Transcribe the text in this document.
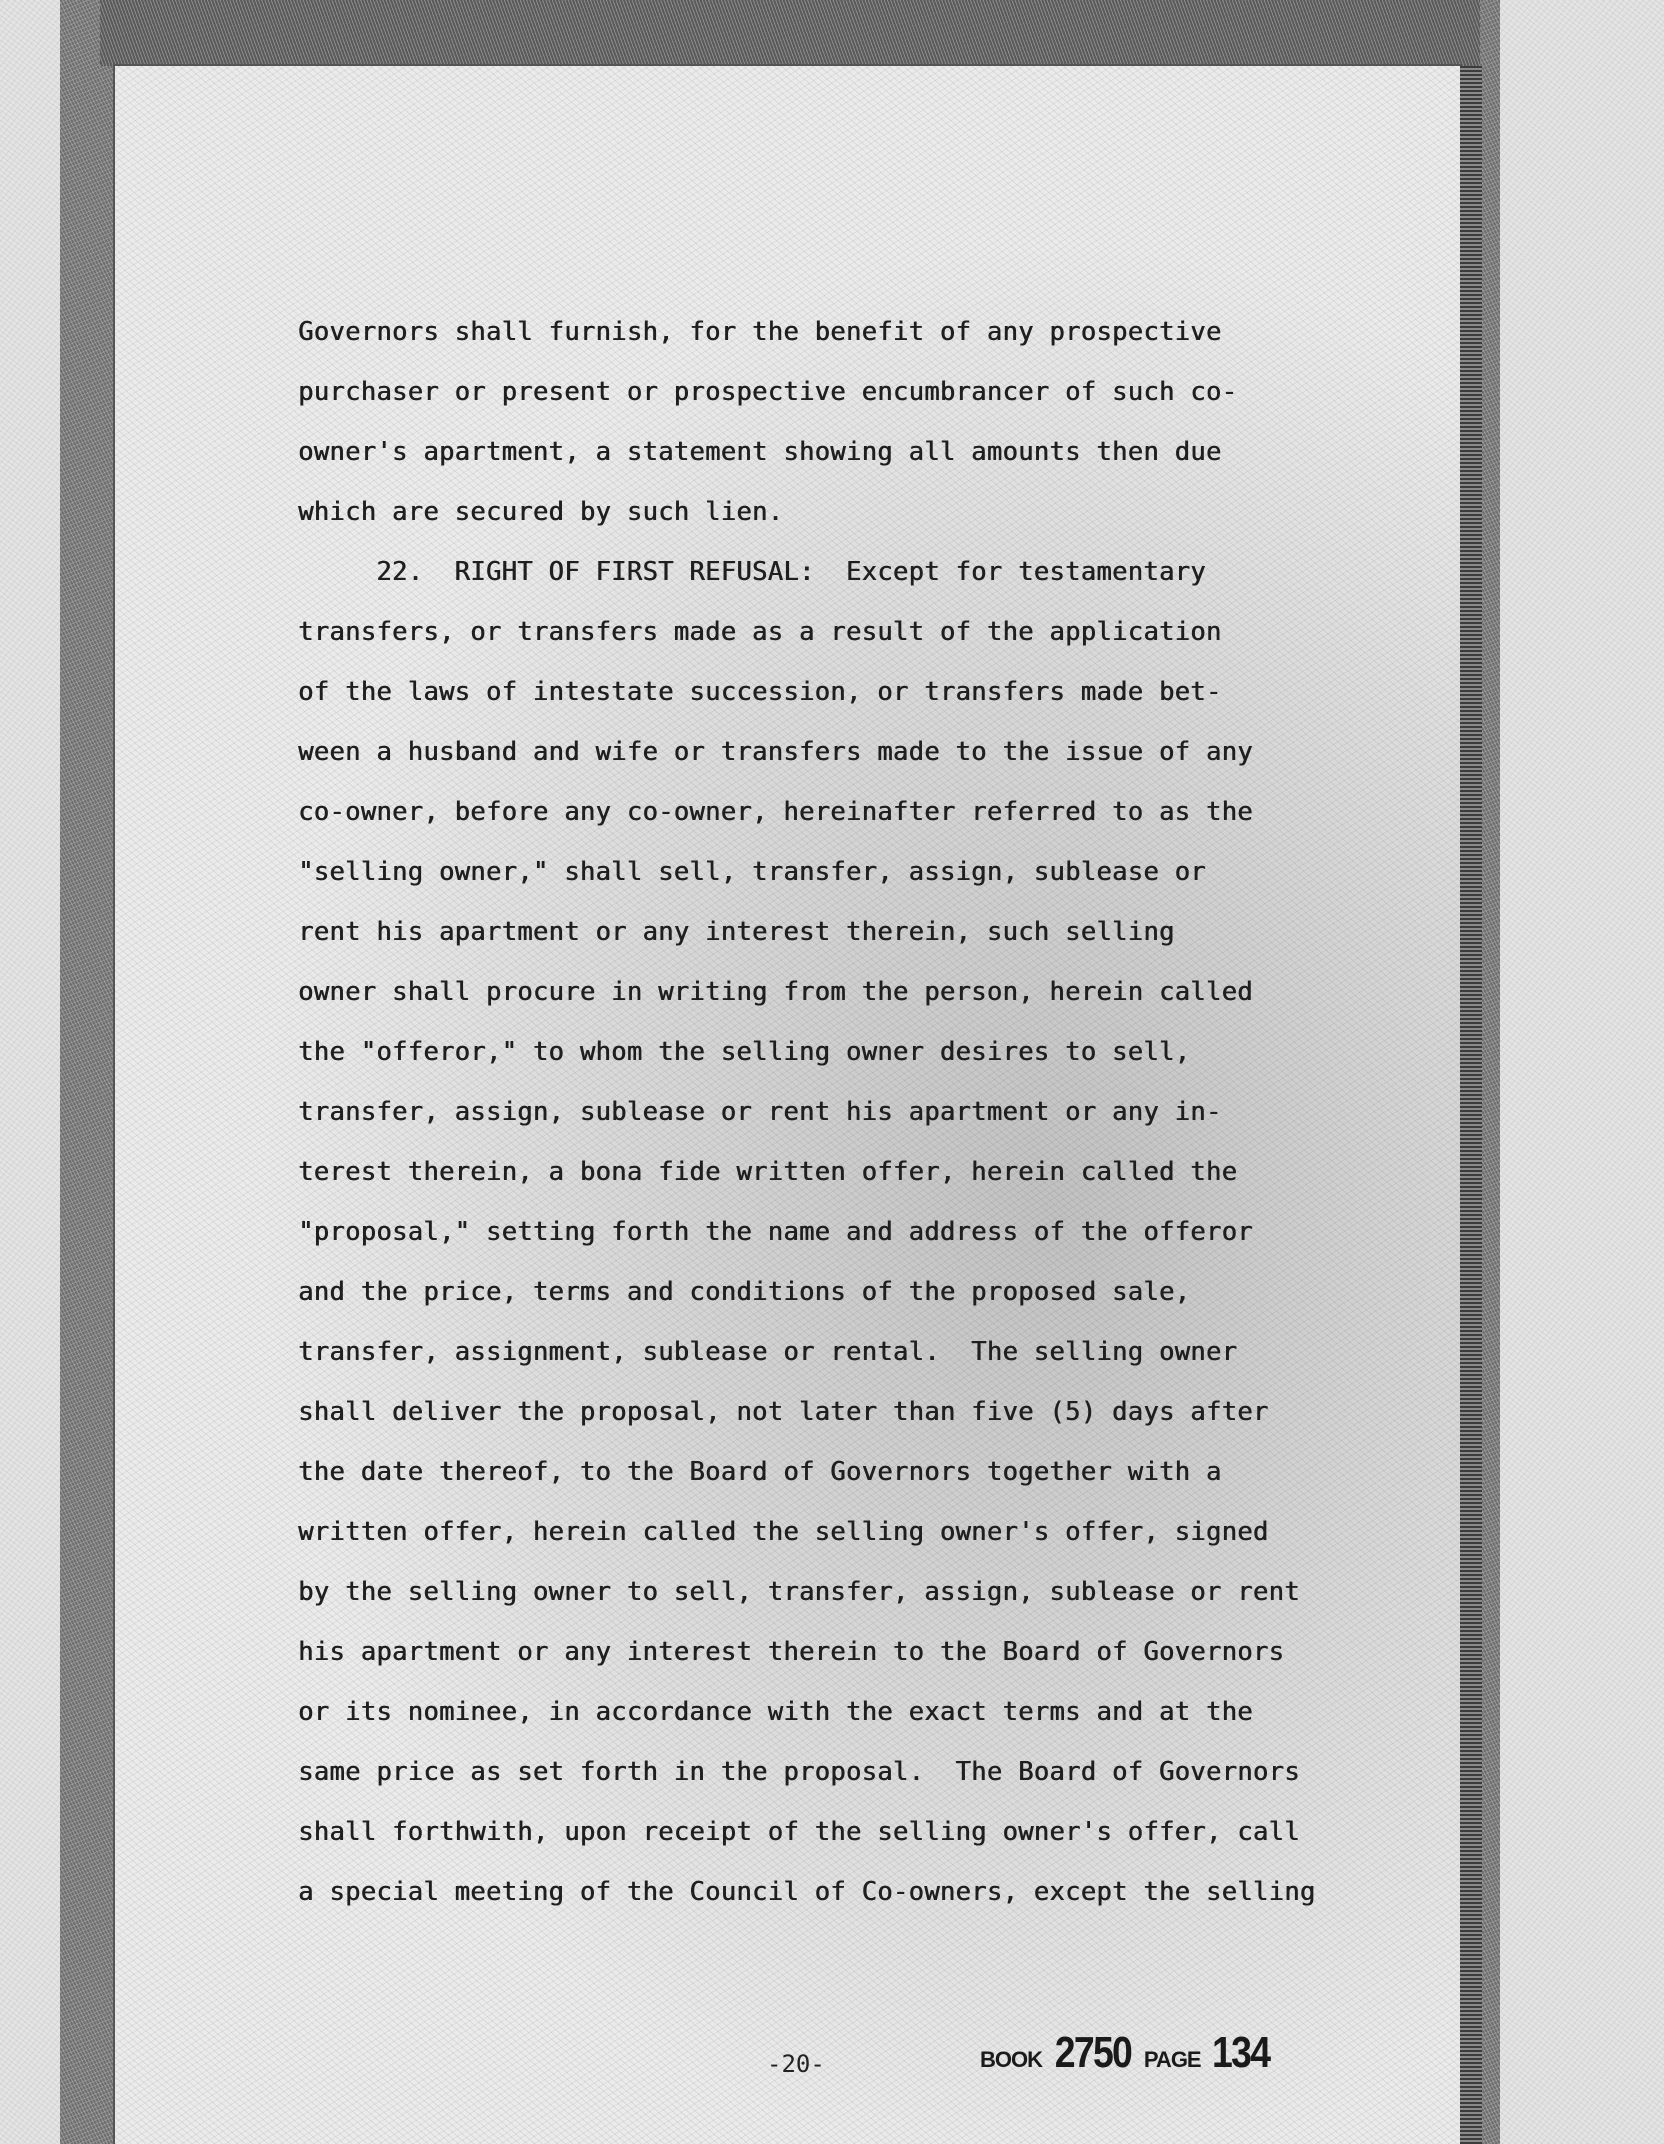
Governors shall furnish, for the benefit of any prospective
purchaser or present or prospective encumbrancer of such co-
owner's apartment, a statement showing all amounts then due
which are secured by such lien.
22.  RIGHT OF FIRST REFUSAL:  Except for testamentary
transfers, or transfers made as a result of the application
of the laws of intestate succession, or transfers made bet-
ween a husband and wife or transfers made to the issue of any
co-owner, before any co-owner, hereinafter referred to as the
"selling owner," shall sell, transfer, assign, sublease or
rent his apartment or any interest therein, such selling
owner shall procure in writing from the person, herein called
the "offeror," to whom the selling owner desires to sell,
transfer, assign, sublease or rent his apartment or any in-
terest therein, a bona fide written offer, herein called the
"proposal," setting forth the name and address of the offeror
and the price, terms and conditions of the proposed sale,
transfer, assignment, sublease or rental.  The selling owner
shall deliver the proposal, not later than five (5) days after
the date thereof, to the Board of Governors together with a
written offer, herein called the selling owner's offer, signed
by the selling owner to sell, transfer, assign, sublease or rent
his apartment or any interest therein to the Board of Governors
or its nominee, in accordance with the exact terms and at the
same price as set forth in the proposal.  The Board of Governors
shall forthwith, upon receipt of the selling owner's offer, call
a special meeting of the Council of Co-owners, except the selling
-20-	BOOK 2750 PAGE 134
